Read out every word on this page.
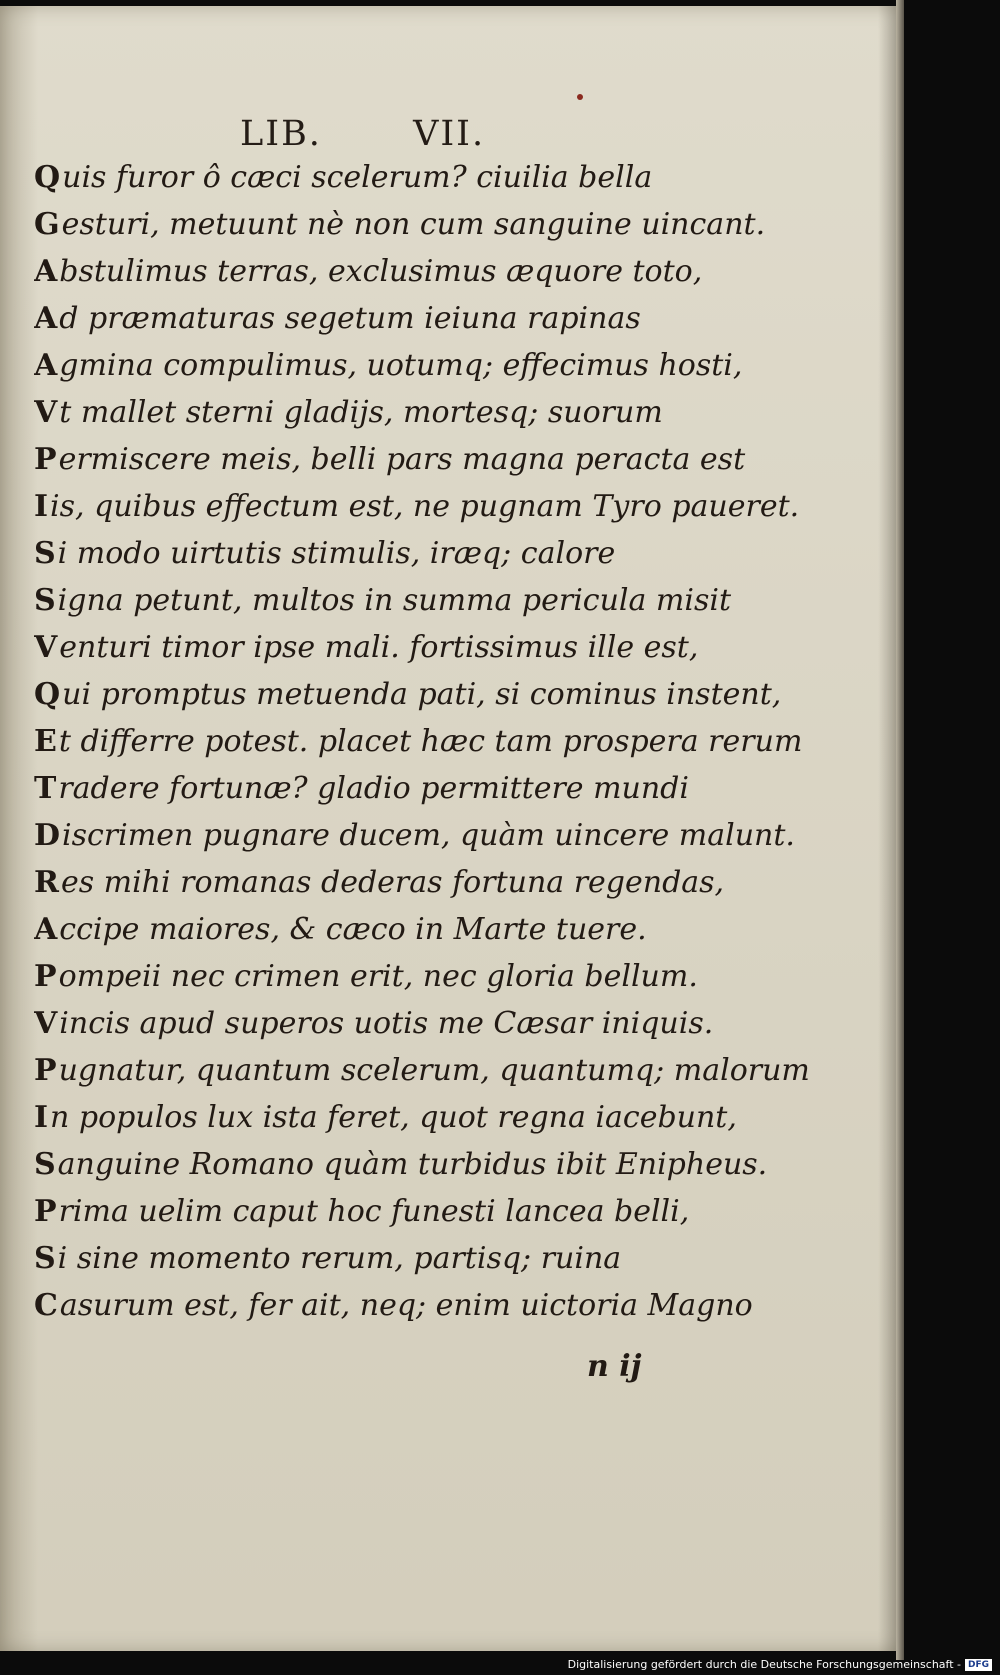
LIB.	VII.
Quis furor ô cæci scelerum? ciuilia bella
Gesturi, metuunt nè non cum sanguine uincant.
Abstulimus terras, exclusimus æquore toto,
Ad præmaturas segetum ieiuna rapinas
Agmina compulimus, uotumq; effecimus hosti,
Vt mallet sterni gladijs, mortesq; suorum
Permiscere meis, belli pars magna peracta est
Iis, quibus effectum est, ne pugnam Tyro paueret.
Si modo uirtutis stimulis, iræq; calore
Signa petunt, multos in summa pericula misit
Venturi timor ipse mali. fortissimus ille est,
Qui promptus metuenda pati, si cominus instent,
Et differre potest. placet hæc tam prospera rerum
Tradere fortunæ? gladio permittere mundi
Discrimen pugnare ducem, quàm uincere malunt.
Res mihi romanas dederas fortuna regendas,
Accipe maiores, & cæco in Marte tuere.
Pompeii nec crimen erit, nec gloria bellum.
Vincis apud superos uotis me Cæsar iniquis.
Pugnatur, quantum scelerum, quantumq; malorum
In populos lux ista feret, quot regna iacebunt,
Sanguine Romano quàm turbidus ibit Enipheus.
Prima uelim caput hoc funesti lancea belli,
Si sine momento rerum, partisq; ruina
Casurum est, fer ait, neq; enim uictoria Magno
n ij
Digitalisierung gefördert durch die Deutsche Forschungsgemeinschaft - DFG
